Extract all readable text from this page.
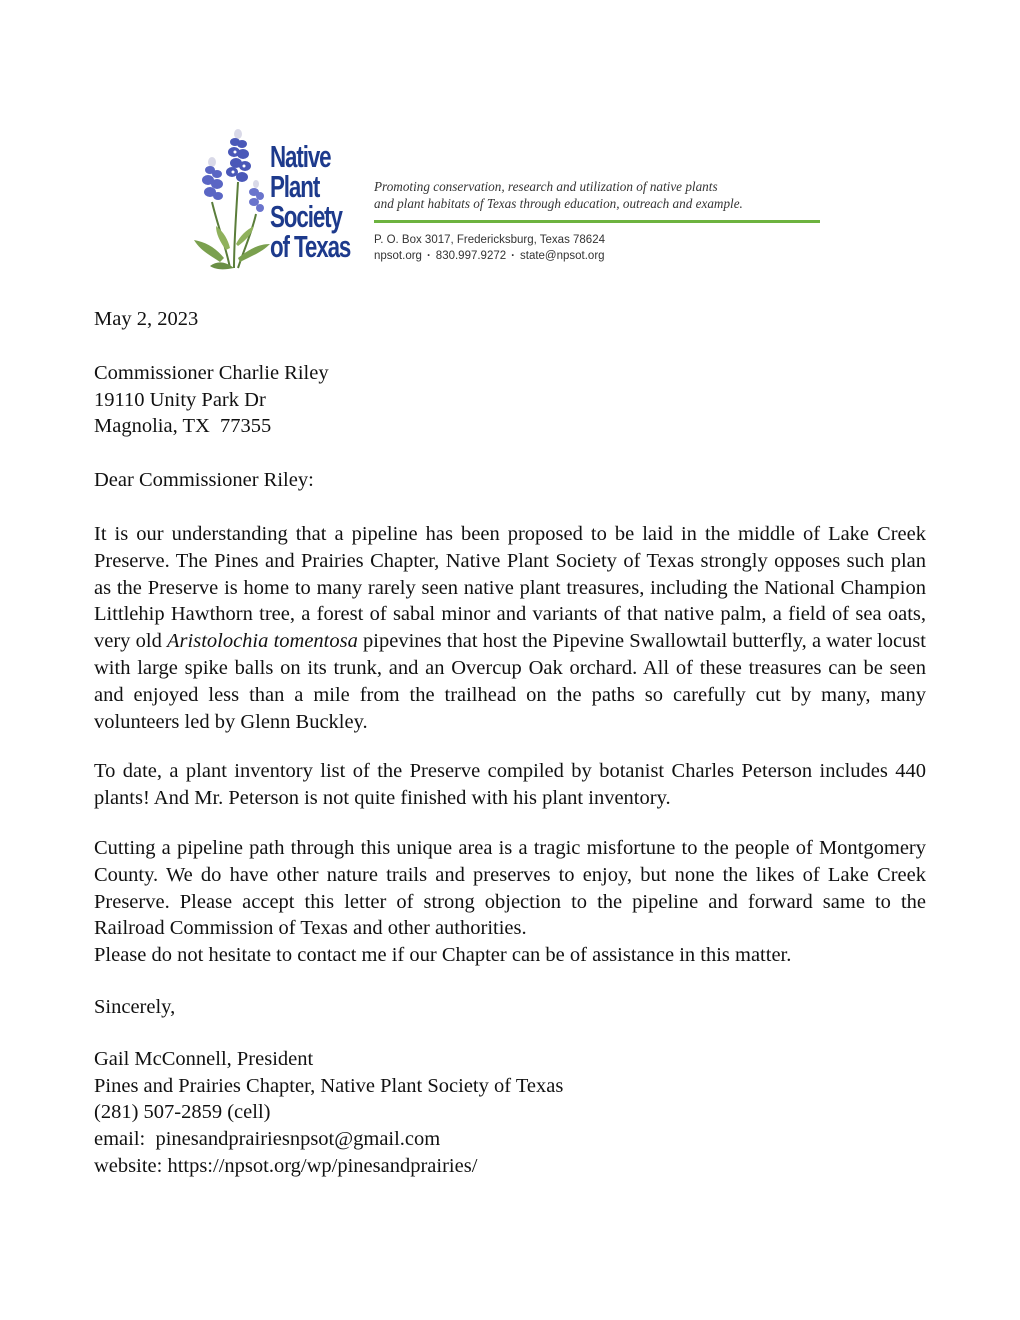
Native
Plant
Society
of Texas
Promoting conservation, research and utilization of native plants
and plant habitats of Texas through education, outreach and example.
P. O. Box 3017, Fredericksburg, Texas 78624
npsot.org · 830.997.9272 · state@npsot.org

May 2, 2023

Commissioner Charlie Riley

19110 Unity Park Dr

Magnolia, TX  77355

Dear Commissioner Riley:

It is our understanding that a pipeline has been proposed to be laid in the middle of Lake Creek Preserve. The Pines and Prairies Chapter, Native Plant Society of Texas strongly opposes such plan as the Preserve is home to many rarely seen native plant treasures, including the National Champion Littlehip Hawthorn tree, a forest of sabal minor and variants of that native palm, a field of sea oats, very old Aristolochia tomentosa pipevines that host the Pipevine Swallowtail butterfly, a water locust with large spike balls on its trunk, and an Overcup Oak orchard. All of these treasures can be seen and enjoyed less than a mile from the trailhead on the paths so carefully cut by many, many volunteers led by Glenn Buckley.

To date, a plant inventory list of the Preserve compiled by botanist Charles Peterson includes 440 plants! And Mr. Peterson is not quite finished with his plant inventory.

Cutting a pipeline path through this unique area is a tragic misfortune to the people of Montgomery County. We do have other nature trails and preserves to enjoy, but none the likes of Lake Creek Preserve. Please accept this letter of strong objection to the pipeline and forward same to the Railroad Commission of Texas and other authorities.

Please do not hesitate to contact me if our Chapter can be of assistance in this matter.

Sincerely,

Gail McConnell, President
Pines and Prairies Chapter, Native Plant Society of Texas
(281) 507-2859 (cell)
email:  pinesandprairiesnpsot@gmail.com
website: https://npsot.org/wp/pinesandprairies/
